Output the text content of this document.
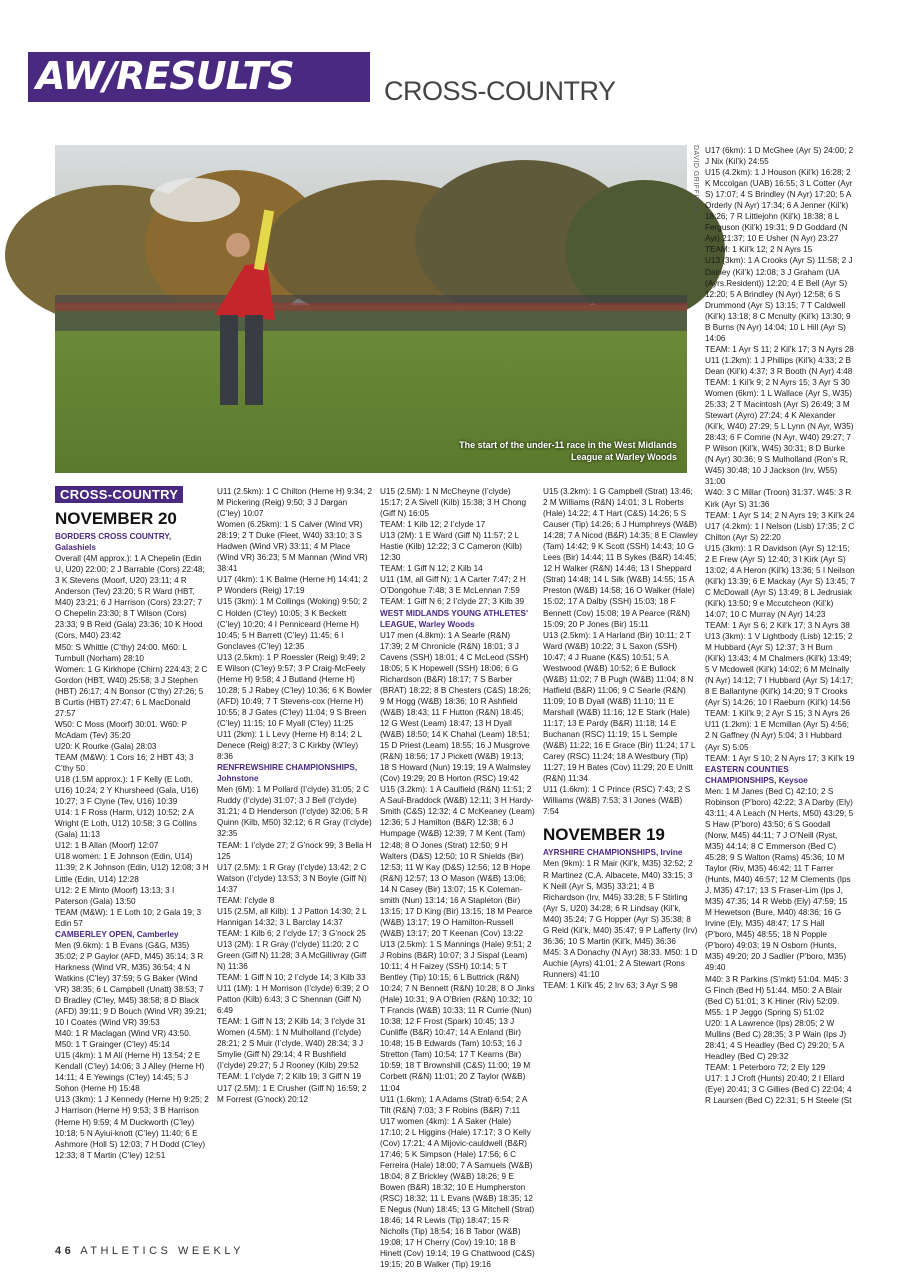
AW/RESULTS	CROSS-COUNTRY
The start of the under-11 race in the West Midlands League at Warley Woods
DAVID GRIFFITHS
CROSS-COUNTRY
NOVEMBER 20

BORDERS CROSS COUNTRY, Galashiels

Overall (4M approx.): 1 A Chepelin (Edin U, U20) 22:00; 2 J Barrable (Cors) 22:48; 3 K Stevens (Moorf, U20) 23:11; 4 R Anderson (Tev) 23:20; 5 R Ward (HBT, M40) 23:21; 6 J Harrison (Cors) 23:27; 7 O Chepelin 23:30; 8 T Wilson (Cors) 23:33; 9 B Reid (Gala) 23:36; 10 K Hood (Cors, M40) 23:42

M50: S Whittle (C’thy) 24:00. M60: L Turnbull (Norham) 28:10

Women: 1 G Kirkhope (Chirn) 224:43; 2 C Gordon (HBT, W40) 25:58; 3 J Stephen (HBT) 26:17; 4 N Bonsor (C’thy) 27:26; 5 B Curtis (HBT) 27:47; 6 L MacDonald 27:57

W50: C Moss (Moorf) 30:01. W60: P McAdam (Tev) 35:20

U20: K Rourke (Gala) 28:03

TEAM (M&W): 1 Cors 16; 2 HBT 43; 3 C’thy 50

U18 (1.5M approx.): 1 F Kelly (E Loth, U16) 10:24; 2 Y Khursheed (Gala, U16) 10:27; 3 F Clyne (Tev, U16) 10:39

U14: 1 F Ross (Harm, U12) 10:52; 2 A Wright (E Loth, U12) 10:58; 3 G Collins (Gala) 11:13

U12: 1 B Allan (Moorf) 12:07

U18 women: 1 E Johnson (Edin, U14) 11:39; 2 K Johnson (Edin, U12) 12:08; 3 H Little (Edin, U14) 12:28

U12: 2 E Minto (Moorf) 13:13; 3 I Paterson (Gala) 13:50

TEAM (M&W): 1 E Loth 10; 2 Gala 19; 3 Edin 57

CAMBERLEY OPEN, Camberley

Men (9.6km): 1 B Evans (G&G, M35) 35:02; 2 P Gaylor (AFD, M45) 35:14; 3 R Harkness (Wind VR, M35) 36:54; 4 N Watkins (C’ley) 37:59; 5 G Baker (Wind VR) 38:35; 6 L Campbell (Unatt) 38:53; 7 D Bradley (C’ley, M45) 38:58; 8 D Black (AFD) 39:11; 9 D Bouch (Wind VR) 39:21; 10 I Coates (Wind VR) 39:53

M40: 1 R Maclagan (Wind VR) 43:50.

M50: 1 T Grainger (C’ley) 45:14

U15 (4km): 1 M Ali (Herne H) 13:54; 2 E Kendall (C’ley) 14:06; 3 J Alley (Herne H) 14:11; 4 E Yewings (C’ley) 14:45; 5 J Sohon (Herne H) 15:48

U13 (3km): 1 J Kennedy (Herne H) 9:25; 2 J Harrison (Herne H) 9:53; 3 B Harrison (Herne H) 9:59; 4 M Duckworth (C’ley) 10:18; 5 N Ayiui-knott (C’ley) 11:40; 6 E Ashmore (Holl S) 12:03; 7 H Dodd (C’ley) 12:33; 8 T Martin (C’ley) 12:51

U11 (2.5km): 1 C Chilton (Herne H) 9:34; 2 M Pickering (Reig) 9:50; 3 J Dargan (C’ley) 10:07

Women (6.25km): 1 S Calver (Wind VR) 28:19; 2 T Duke (Fleet, W40) 33:10; 3 S Hadwen (Wind VR) 33:11; 4 M Place (Wind VR) 36:23; 5 M Mannan (Wind VR) 38:41

U17 (4km): 1 K Balme (Herne H) 14:41; 2 P Wonders (Reig) 17:19

U15 (3km): 1 M Collings (Woking) 9:50; 2 C Holden (C’ley) 10:05; 3 K Beckett (C’ley) 10:20; 4 I Penniceard (Herne H) 10:45; 5 H Barrett (C’ley) 11:45; 6 I Gonclaves (C’ley) 12:35

U13 (2.5km): 1 P Roessler (Reig) 9:49; 2 E Wilson (C’ley) 9:57; 3 P Craig-McFeely (Herne H) 9:58; 4 J Butland (Herne H) 10:28; 5 J Rabey (C’ley) 10:36; 6 K Bowler (AFD) 10:49; 7 T Stevens-cox (Herne H) 10:55; 8 J Gates (C’ley) 11:04; 9 S Breen (C’ley) 11:15; 10 F Myall (C’ley) 11:25

U11 (2km): 1 L Levy (Herne H) 8:14; 2 L Denece (Reig) 8:27; 3 C Kirkby (W’ley) 8:36

RENFREWSHIRE CHAMPIONSHIPS, Johnstone

Men (6M): 1 M Pollard (I’clyde) 31:05; 2 C Ruddy (I’clyde) 31:07; 3 J Bell (I’clyde) 31:21; 4 D Henderson (I’clyde) 32:06; 5 R Quinn (Kilb, M50) 32:12; 6 R Gray (I’clyde) 32:35

TEAM: 1 I’clyde 27; 2 G’nock 99; 3 Bella H 125

U17 (2.5M): 1 R Gray (I’clyde) 13:42; 2 C Watson (I’clyde) 13:53; 3 N Boyle (Giff N) 14:37

TEAM: I’clyde 8

U15 (2.5M, all Kilb): 1 J Patton 14:30; 2 L Hannigan 14:32; 3 L Barclay 14:37

TEAM: 1 Kilb 6; 2 I’clyde 17; 3 G’nock 25

U13 (2M): 1 R Gray (I’clyde) 11:20; 2 C Green (Giff N) 11:28; 3 A McGillivray (Giff N) 11:36

TEAM: 1 Giff N 10; 2 I’clyde 14; 3 Kilb 33

U11 (1M): 1 H Morrison (I’clyde) 6:39; 2 O Patton (Kilb) 6:43; 3 C Shennan (Giff N) 6:49

TEAM: 1 Giff N 13; 2 Kilb 14; 3 I’clyde 31

Women (4.5M): 1 N Mulholland (I’clyde) 28:21; 2 S Muir (I’clyde, W40) 28:34; 3 J Smylie (Giff N) 29:14; 4 R Bushfield (I’clyde) 29:27; 5 J Rooney (Kilb) 29:52

TEAM: 1 I’clyde 7; 2 Kilb 19; 3 Giff N 19

U17 (2.5M): 1 E Crusher (Giff N) 16:59; 2 M Forrest (G’nock) 20:12

U15 (2.5M): 1 N McCheyne (I’clyde) 15:17; 2 A Sivell (Kilb) 15:38; 3 H Chong (Giff N) 16:05

TEAM: 1 Kilb 12; 2 I’clyde 17

U13 (2M): 1 E Ward (Giff N) 11:57; 2 L Hastie (Kilb) 12:22; 3 C Cameron (Kilb) 12:30

TEAM: 1 Giff N 12; 2 Kilb 14

U11 (1M, all Giff N): 1 A Carter 7:47; 2 H O’Dongohue 7:48; 3 E McLennan 7:59

TEAM: 1 Giff N 6; 2 I’clyde 27; 3 Kilb 39

WEST MIDLANDS YOUNG ATHLETES’ LEAGUE, Warley Woods

U17 men (4.8km): 1 A Searle (R&N) 17:39; 2 M Chronicle (R&N) 18:01; 3 J Cavens (SSH) 18:01; 4 C McLeod (SSH) 18:05; 5 K Hopewell (SSH) 18:06; 6 G Richardson (B&R) 18:17; 7 S Barber (BRAT) 18:22; 8 B Chesters (C&S) 18:26; 9 M Hogg (W&B) 18:36; 10 R Ashfield (W&B) 18:43; 11 F Hutton (R&N) 18:45; 12 G West (Leam) 18:47; 13 H Dyall (W&B) 18:50; 14 K Chahal (Leam) 18:51; 15 D Priest (Leam) 18:55; 16 J Musgrove (R&N) 18:56; 17 J Pickett (W&B) 19:13; 18 S Howard (Nun) 19:19; 19 A Walmsley (Cov) 19:29; 20 B Horton (RSC) 19:42

U15 (3.2km): 1 A Caulfield (R&N) 11:51; 2 A Saul-Braddock (W&B) 12:11; 3 H Hardy-Smith (C&S) 12:32; 4 C McKeaney (Leam) 12:36; 5 J Hamilton (B&R) 12:38; 6 J Humpage (W&B) 12:39; 7 M Kent (Tam) 12:48; 8 O Jones (Strat) 12:50; 9 H Walters (D&S) 12:50; 10 R Shields (Bir) 12:53; 11 W Kay (D&S) 12:56; 12 B Hope (R&N) 12:57; 13 O Mason (W&B) 13:06; 14 N Casey (Bir) 13:07; 15 K Coleman-smith (Nun) 13:14; 16 A Stapleton (Bir) 13:15; 17 D King (Bir) 13:15; 18 M Pearce (W&B) 13:17; 19 O Hamilton-Russell (W&B) 13:17; 20 T Keenan (Cov) 13:22

U13 (2.5km): 1 S Mannings (Hale) 9:51; 2 J Robins (B&R) 10:07; 3 J Sispal (Leam) 10:11; 4 H Faizey (SSH) 10:14; 5 T Bentley (Tip) 10:15; 6 L Buttrick (R&N) 10:24; 7 N Bennett (R&N) 10:28; 8 O Jinks (Hale) 10:31; 9 A O’Brien (R&N) 10:32; 10 T Francis (W&B) 10:33; 11 R Currie (Nun) 10:38; 12 F Frost (Spark) 10:45; 13 J Cunliffe (B&R) 10:47; 14 A Enland (Bir) 10:48; 15 B Edwards (Tam) 10:53; 16 J Stretton (Tam) 10:54; 17 T Kearns (Bir) 10:59; 18 T Brownshill (C&S) 11:00; 19 M Corbett (R&N) 11:01; 20 Z Taylor (W&B) 11:04

U11 (1.6km): 1 A Adams (Strat) 6:54; 2 A Tilt (R&N) 7:03; 3 F Robins (B&R) 7:11

U17 women (4km): 1 A Saker (Hale) 17:10; 2 L Higgins (Hale) 17:17; 3 O Kelly (Cov) 17:21; 4 A Mijovic-cauldwell (B&R) 17:46; 5 K Simpson (Hale) 17:56; 6 C Ferreira (Hale) 18:00; 7 A Samuels (W&B) 18:04; 8 Z Brickley (W&B) 18:26; 9 E Bowen (B&R) 18:32; 10 E Humpherston (RSC) 18:32; 11 L Evans (W&B) 18:35; 12 E Negus (Nun) 18:45; 13 G Mitchell (Strat) 18:46; 14 R Lewis (Tip) 18:47; 15 R Nicholls (Tip) 18:54; 16 B Tabor (W&B) 19:08; 17 H Cherry (Cov) 19:10; 18 B Hinett (Cov) 19:14; 19 G Chattwood (C&S) 19:15; 20 B Walker (Tip) 19:16

U15 (3.2km): 1 G Campbell (Strat) 13:46; 2 M Williams (R&N) 14:01; 3 L Roberts (Hale) 14:22; 4 T Hart (C&S) 14:26; 5 S Causer (Tip) 14:26; 6 J Humphreys (W&B) 14:28; 7 A Nicod (B&R) 14:35; 8 E Clawley (Tam) 14:42; 9 K Scott (SSH) 14:43; 10 G Lees (Bir) 14:44; 11 B Sykes (B&R) 14:45; 12 H Walker (R&N) 14:46; 13 I Sheppard (Strat) 14:48; 14 L Silk (W&B) 14:55; 15 A Preston (W&B) 14:58; 16 O Walker (Hale) 15:02; 17 A Dalby (SSH) 15:03; 18 F Bennett (Cov) 15:08; 19 A Pearce (R&N) 15:09; 20 P Jones (Bir) 15:11

U13 (2.5km): 1 A Harland (Bir) 10:11; 2 T Ward (W&B) 10:22; 3 L Saxon (SSH) 10:47; 4 J Ruane (K&S) 10:51; 5 A Westwood (W&B) 10:52; 6 E Bullock (W&B) 11:02; 7 B Pugh (W&B) 11:04; 8 N Hatfield (B&R) 11:06; 9 C Searle (R&N) 11:09; 10 B Dyall (W&B) 11:10; 11 E Marshall (W&B) 11:16; 12 E Stark (Hale) 11:17; 13 E Pardy (B&R) 11:18; 14 E Buchanan (RSC) 11:19; 15 L Semple (W&B) 11:22; 16 E Grace (Bir) 11:24; 17 L Carey (RSC) 11:24; 18 A Westbury (Tip) 11:27; 19 H Bates (Cov) 11:29; 20 E Unitt (R&N) 11:34

U11 (1.6km): 1 C Prince (RSC) 7:43; 2 S Williams (W&B) 7:53; 3 I Jones (W&B) 7:54

NOVEMBER 19

AYRSHIRE CHAMPIONSHIPS, Irvine

Men (9km): 1 R Mair (Kil’k, M35) 32:52; 2 R Martinez (C.A. Albacete, M40) 33:15; 3 K Neill (Ayr S, M35) 33:21; 4 B Richardson (Irv, M45) 33:28; 5 F Stirling (Ayr S, U20) 34:28; 6 R Lindsay (Kil’k, M40) 35:24; 7 G Hopper (Ayr S) 35:38; 8 G Reid (Kil’k, M40) 35:47; 9 P Lafferty (Irv) 36:36; 10 S Martin (Kil’k, M45) 36:36

M45: 3 A Donachy (N Ayr) 38:33. M50: 1 D Auchie (Ayrs) 41:01; 2 A Stewart (Rons Runners) 41:10

TEAM: 1 Kil’k 45; 2 Irv 63; 3 Ayr S 98

U17 (6km): 1 D McGhee (Ayr S) 24:00; 2 J Nix (Kil’k) 24:55

U15 (4.2km): 1 J Houson (Kil’k) 16:28; 2 K Mccolgan (UAB) 16:55; 3 L Cotter (Ayr S) 17:07; 4 S Brindley (N Ayr) 17:20; 5 A Orderly (N Ayr) 17:34; 6 A Jenner (Kil’k) 18:26; 7 R Littlejohn (Kil’k) 18:38; 8 L Ferguson (Kil’k) 19:31; 9 D Goddard (N Ayr) 21:37; 10 E Usher (N Ayr) 23:27

TEAM: 1 Kil’k 12; 2 N Ayrs 15

U13 (3km): 1 A Crooks (Ayr S) 11:58; 2 J Dainey (Kil’k) 12:08; 3 J Graham (UA (Ayrs.Resident)) 12:20; 4 E Bell (Ayr S) 12:20; 5 A Brindley (N Ayr) 12:58; 6 S Drummond (Ayr S) 13:15; 7 T Caldwell (Kil’k) 13:18; 8 C Mcnulty (Kil’k) 13:30; 9 B Burns (N Ayr) 14:04; 10 L Hill (Ayr S) 14:06

TEAM: 1 Ayr S 11; 2 Kil’k 17; 3 N Ayrs 28

U11 (1.2km): 1 J Phillips (Kil’k) 4:33; 2 B Dean (Kil’k) 4:37; 3 R Booth (N Ayr) 4:48

TEAM: 1 Kil’k 9; 2 N Ayrs 15; 3 Ayr S 30

Women (6km): 1 L Wallace (Ayr S, W35) 25:33; 2 T Macintosh (Ayr S) 26:49; 3 M Stewart (Ayro) 27:24; 4 K Alexander (Kil’k, W40) 27:29; 5 L Lynn (N Ayr, W35) 28:43; 6 F Comrie (N Ayr, W40) 29:27; 7 P Wilson (Kil’k, W45) 30:31; 8 D Burke (N Ayr) 30:36; 9 S Mulholland (Ron’s R, W45) 30:48; 10 J Jackson (Irv, W55) 31:00

W40: 3 C Millar (Troon) 31:37. W45: 3 R Kirk (Ayr S) 31:36

TEAM: 1 Ayr S 14; 2 N Ayrs 19; 3 Kil’k 24

U17 (4.2km): 1 I Nelson (Lisb) 17:35; 2 C Chilton (Ayr S) 22:20

U15 (3km): 1 R Davidson (Ayr S) 12:15; 2 E Frew (Ayr S) 12:40; 3 I Kirk (Ayr S) 13:02; 4 A Heron (Kil’k) 13:36; 5 I Neilson (Kil’k) 13:39; 6 E Mackay (Ayr S) 13:45; 7 C McDowall (Ayr S) 13:49; 8 L Jedrusiak (Kil’k) 13:50; 9 e Mccutcheon (Kil’k) 14:07; 10 C Murray (N Ayr) 14:23

TEAM: 1 Ayr S 6; 2 Kil’k 17; 3 N Ayrs 38

U13 (3km): 1 V Lightbody (Lisb) 12:15; 2 M Hubbard (Ayr S) 12:37; 3 H Burn (Kil’k) 13:43; 4 M Chalmers (Kil’k) 13:49; 5 V Mcdowell (Kil’k) 14:02; 6 M Mclnally (N Ayr) 14:12; 7 I Hubbard (Ayr S) 14:17; 8 E Ballantyne (Kil’k) 14:20; 9 T Crooks (Ayr S) 14:26; 10 I Raeburn (Kil’k) 14:56

TEAM: 1 Kil’k 9; 2 Ayr S 15; 3 N Ayrs 26

U11 (1.2km): 1 E Mcmillan (Ayr S) 4:56; 2 N Gaffney (N Ayr) 5:04; 3 I Hubbard (Ayr S) 5:05

TEAM: 1 Ayr S 10; 2 N Ayrs 17; 3 Kil’k 19

EASTERN COUNTIES CHAMPIONSHIPS, Keysoe

Men: 1 M Janes (Bed C) 42:10; 2 S Robinson (P’boro) 42:22; 3 A Darby (Ely) 43:11; 4 A Leach (N Herts, M50) 43:29; 5 S Haw (P’boro) 43:50; 6 S Goodall (Norw, M45) 44:11; 7 J O’Neill (Ryst, M35) 44:14; 8 C Emmerson (Bed C) 45:28; 9 S Walton (Rams) 45:36; 10 M Taylor (Riv, M35) 46:42; 11 T Farrer (Hunts, M40) 46:57; 12 M Clements (Ips J, M35) 47:17; 13 S Fraser-Lim (Ips J, M35) 47:35; 14 R Webb (Ely) 47:59; 15 M Hewetson (Bure, M40) 48:36; 16 G Irvine (Ely, M35) 48:47; 17 S Hall (P’boro, M45) 48:55; 18 N Popple (P’boro) 49:03; 19 N Osborn (Hunts, M35) 49:20; 20 J Sadlier (P’boro, M35) 49:40

M40: 3 R Parkins (S’mkt) 51:04. M45: 3 G Finch (Bed H) 51:44. M50: 2 A Blair (Bed C) 51:01; 3 K Hiner (Riv) 52:09.

M55: 1 P Jeggo (Spring S) 51:02

U20: 1 A Lawrence (Ips) 28:05; 2 W Mullins (Bed C) 28:35; 3 P Wain (Ips J) 28:41; 4 S Headley (Bed C) 29:20; 5 A Headley (Bed C) 29:32

TEAM: 1 Peterboro 72; 2 Ely 129

U17: 1 J Croft (Hunts) 20:40; 2 I Ellard (Eye) 20:41; 3 C Gillies (Bed C) 22:04; 4 R Laursen (Bed C) 22:31; 5 H Steele (St

46 ATHLETICS WEEKLY
